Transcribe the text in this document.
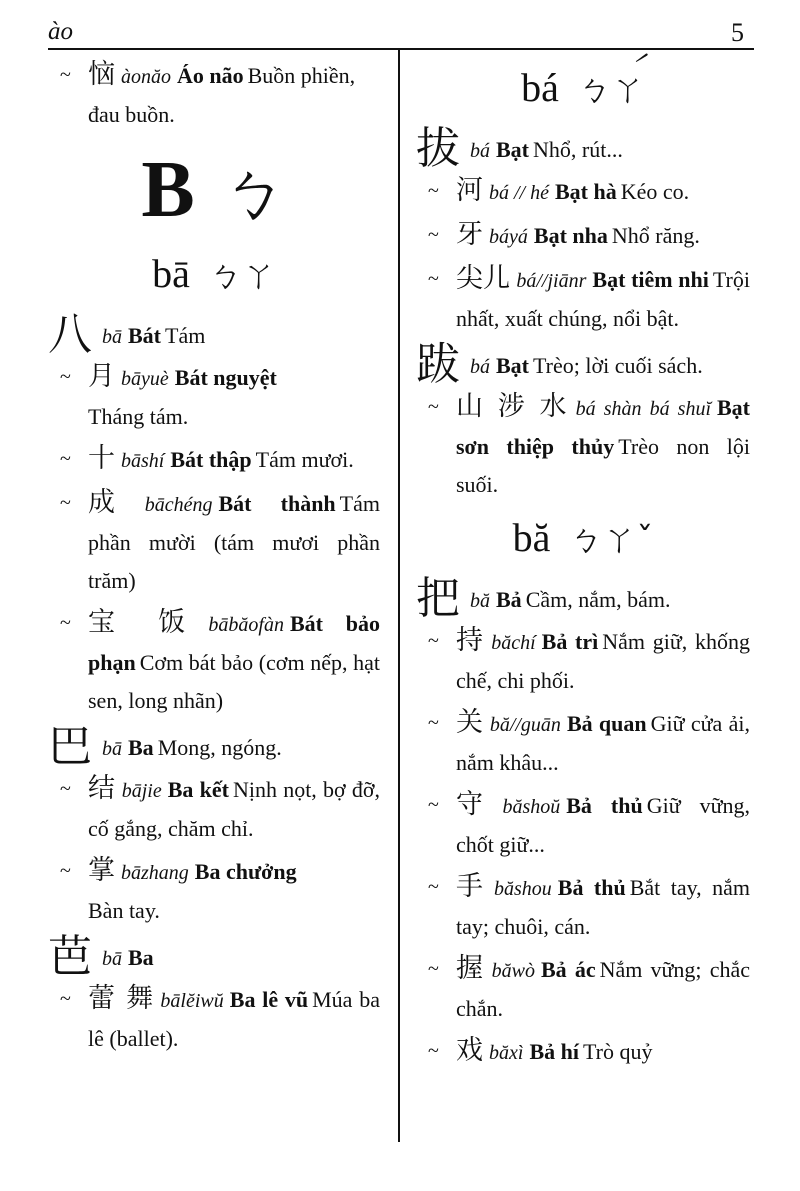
ào	5
~ 恼 àonăo Áo não Buồn phiền, đau buồn.
B ㄅ
bā ㄅㄚ
八bā Bát Tám
~ 月 bāyuè Bát nguyệt
Tháng tám.
~ 十 bāshí Bát thập Tám mươi.
~ 成 bāchéng Bát thành Tám phần mười (tám mươi phần trăm)
~ 宝 饭 bābăofàn Bát bảo phạn Cơm bát bảo (cơm nếp, hạt sen, long nhãn)
巴bā Ba Mong, ngóng.
~ 结 bājie Ba kết Nịnh nọt, bợ đỡ, cố gắng, chăm chỉ.
~ 掌 bāzhang Ba chưởng
Bàn tay.
芭bā Ba
~ 蕾 舞 bālĕiwŭ Ba lê vũ Múa ba lê (ballet).
bá ㄅㄚ́
拔bá Bạt Nhổ, rút...
~ 河 bá // hé Bạt hà Kéo co.
~ 牙 báyá Bạt nha Nhổ răng.
~ 尖儿 bá//jiānr Bạt tiêm nhi Trội nhất, xuất chúng, nổi bật.
跋bá Bạt Trèo; lời cuối sách.
~ 山 涉 水 bá shàn bá shuĭ Bạt sơn thiệp thủy Trèo non lội suối.
bă ㄅㄚˇ
把bă Bả Cầm, nắm, bám.
~ 持 băchí Bả trì Nắm giữ, khống chế, chi phối.
~ 关 bă//guān Bả quan Giữ cửa ải, nắm khâu...
~ 守 băshoŭ Bả thủ Giữ vững, chốt giữ...
~ 手 băshou Bả thủ Bắt tay, nắm tay; chuôi, cán.
~ 握 băwò Bả ác Nắm vững; chắc chắn.
~ 戏 băxì Bả hí Trò quỷ
